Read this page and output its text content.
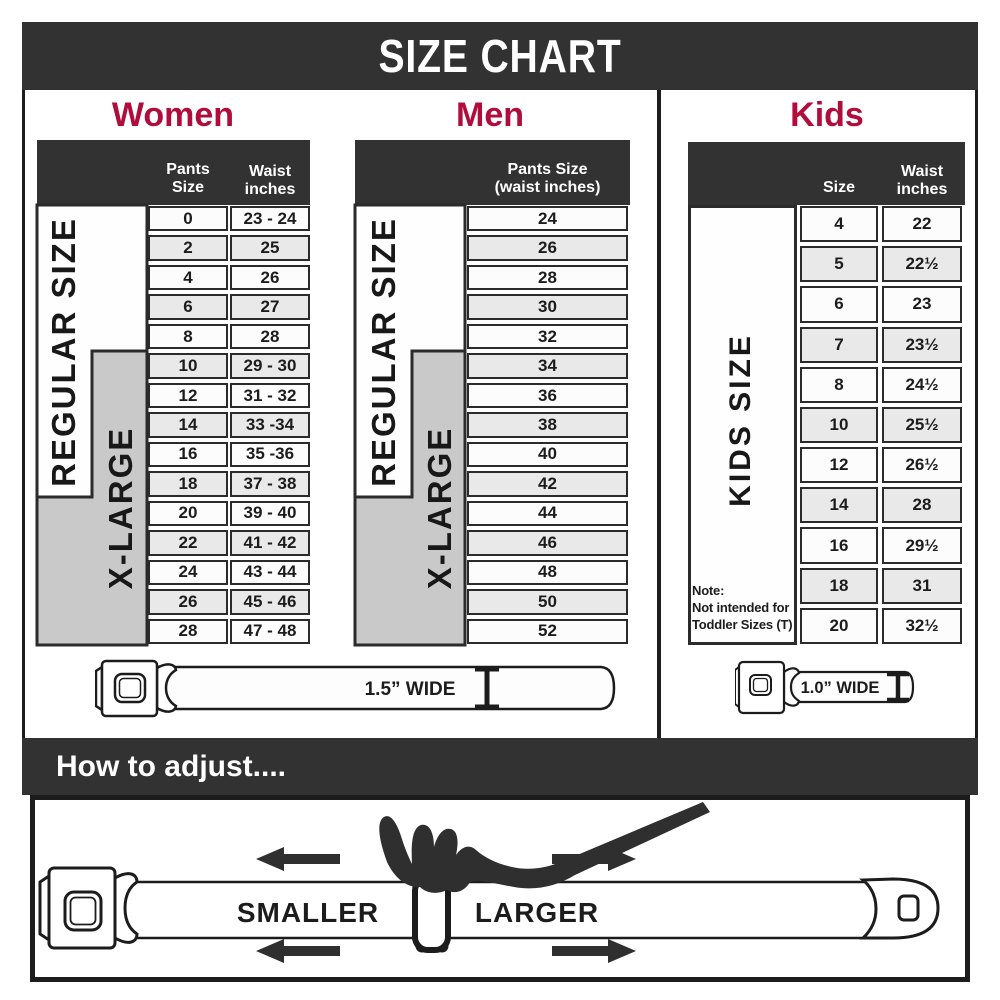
SIZE CHART
Women	Men	Kids
Pants Size
Waist
inches
REGULAR SIZE
X-LARGE
0	23 - 24
2	25
4	26
6	27
8	28
10	29 - 30
12	31 - 32
14	33 -34
16	35 -36
18	37 - 38
20	39 - 40
22	41 - 42
24	43 - 44
26	45 - 46
28	47 - 48
Pants Size
(waist inches)
REGULAR SIZE
X-LARGE
24
26
28
30
32
34
36
38
40
42
44
46
48
50
52
Size
Waist
inches
KIDS SIZE
Note:
Not intended for
Toddler Sizes (T)
4	22
5	22½
6	23
7	23½
8	24½
10	25½
12	26½
14	28
16	29½
18	31
20	32½
1.5” WIDE	1.0” WIDE
How to adjust....
SMALLER	LARGER
